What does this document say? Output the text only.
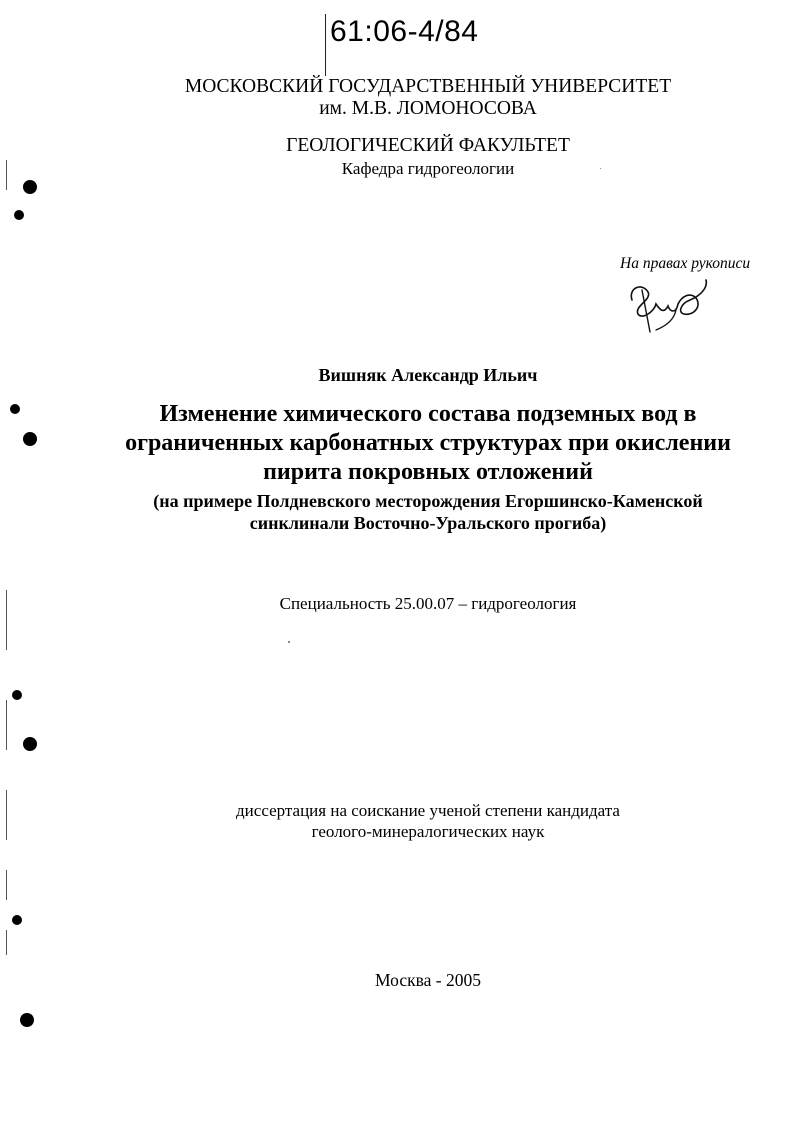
61:06-4/84
МОСКОВСКИЙ ГОСУДАРСТВЕННЫЙ УНИВЕРСИТЕТ
им. М.В. ЛОМОНОСОВА
ГЕОЛОГИЧЕСКИЙ ФАКУЛЬТЕТ
Кафедра гидрогеологии
На правах рукописи
Вишняк Александр Ильич
Изменение химического состава подземных вод в
ограниченных карбонатных структурах при окислении
пирита покровных отложений
(на примере Полдневского месторождения Егоршинско-Каменской
синклинали Восточно-Уральского прогиба)
Специальность 25.00.07 – гидрогеология
диссертация на соискание ученой степени кандидата
геолого-минералогических наук
Москва - 2005
